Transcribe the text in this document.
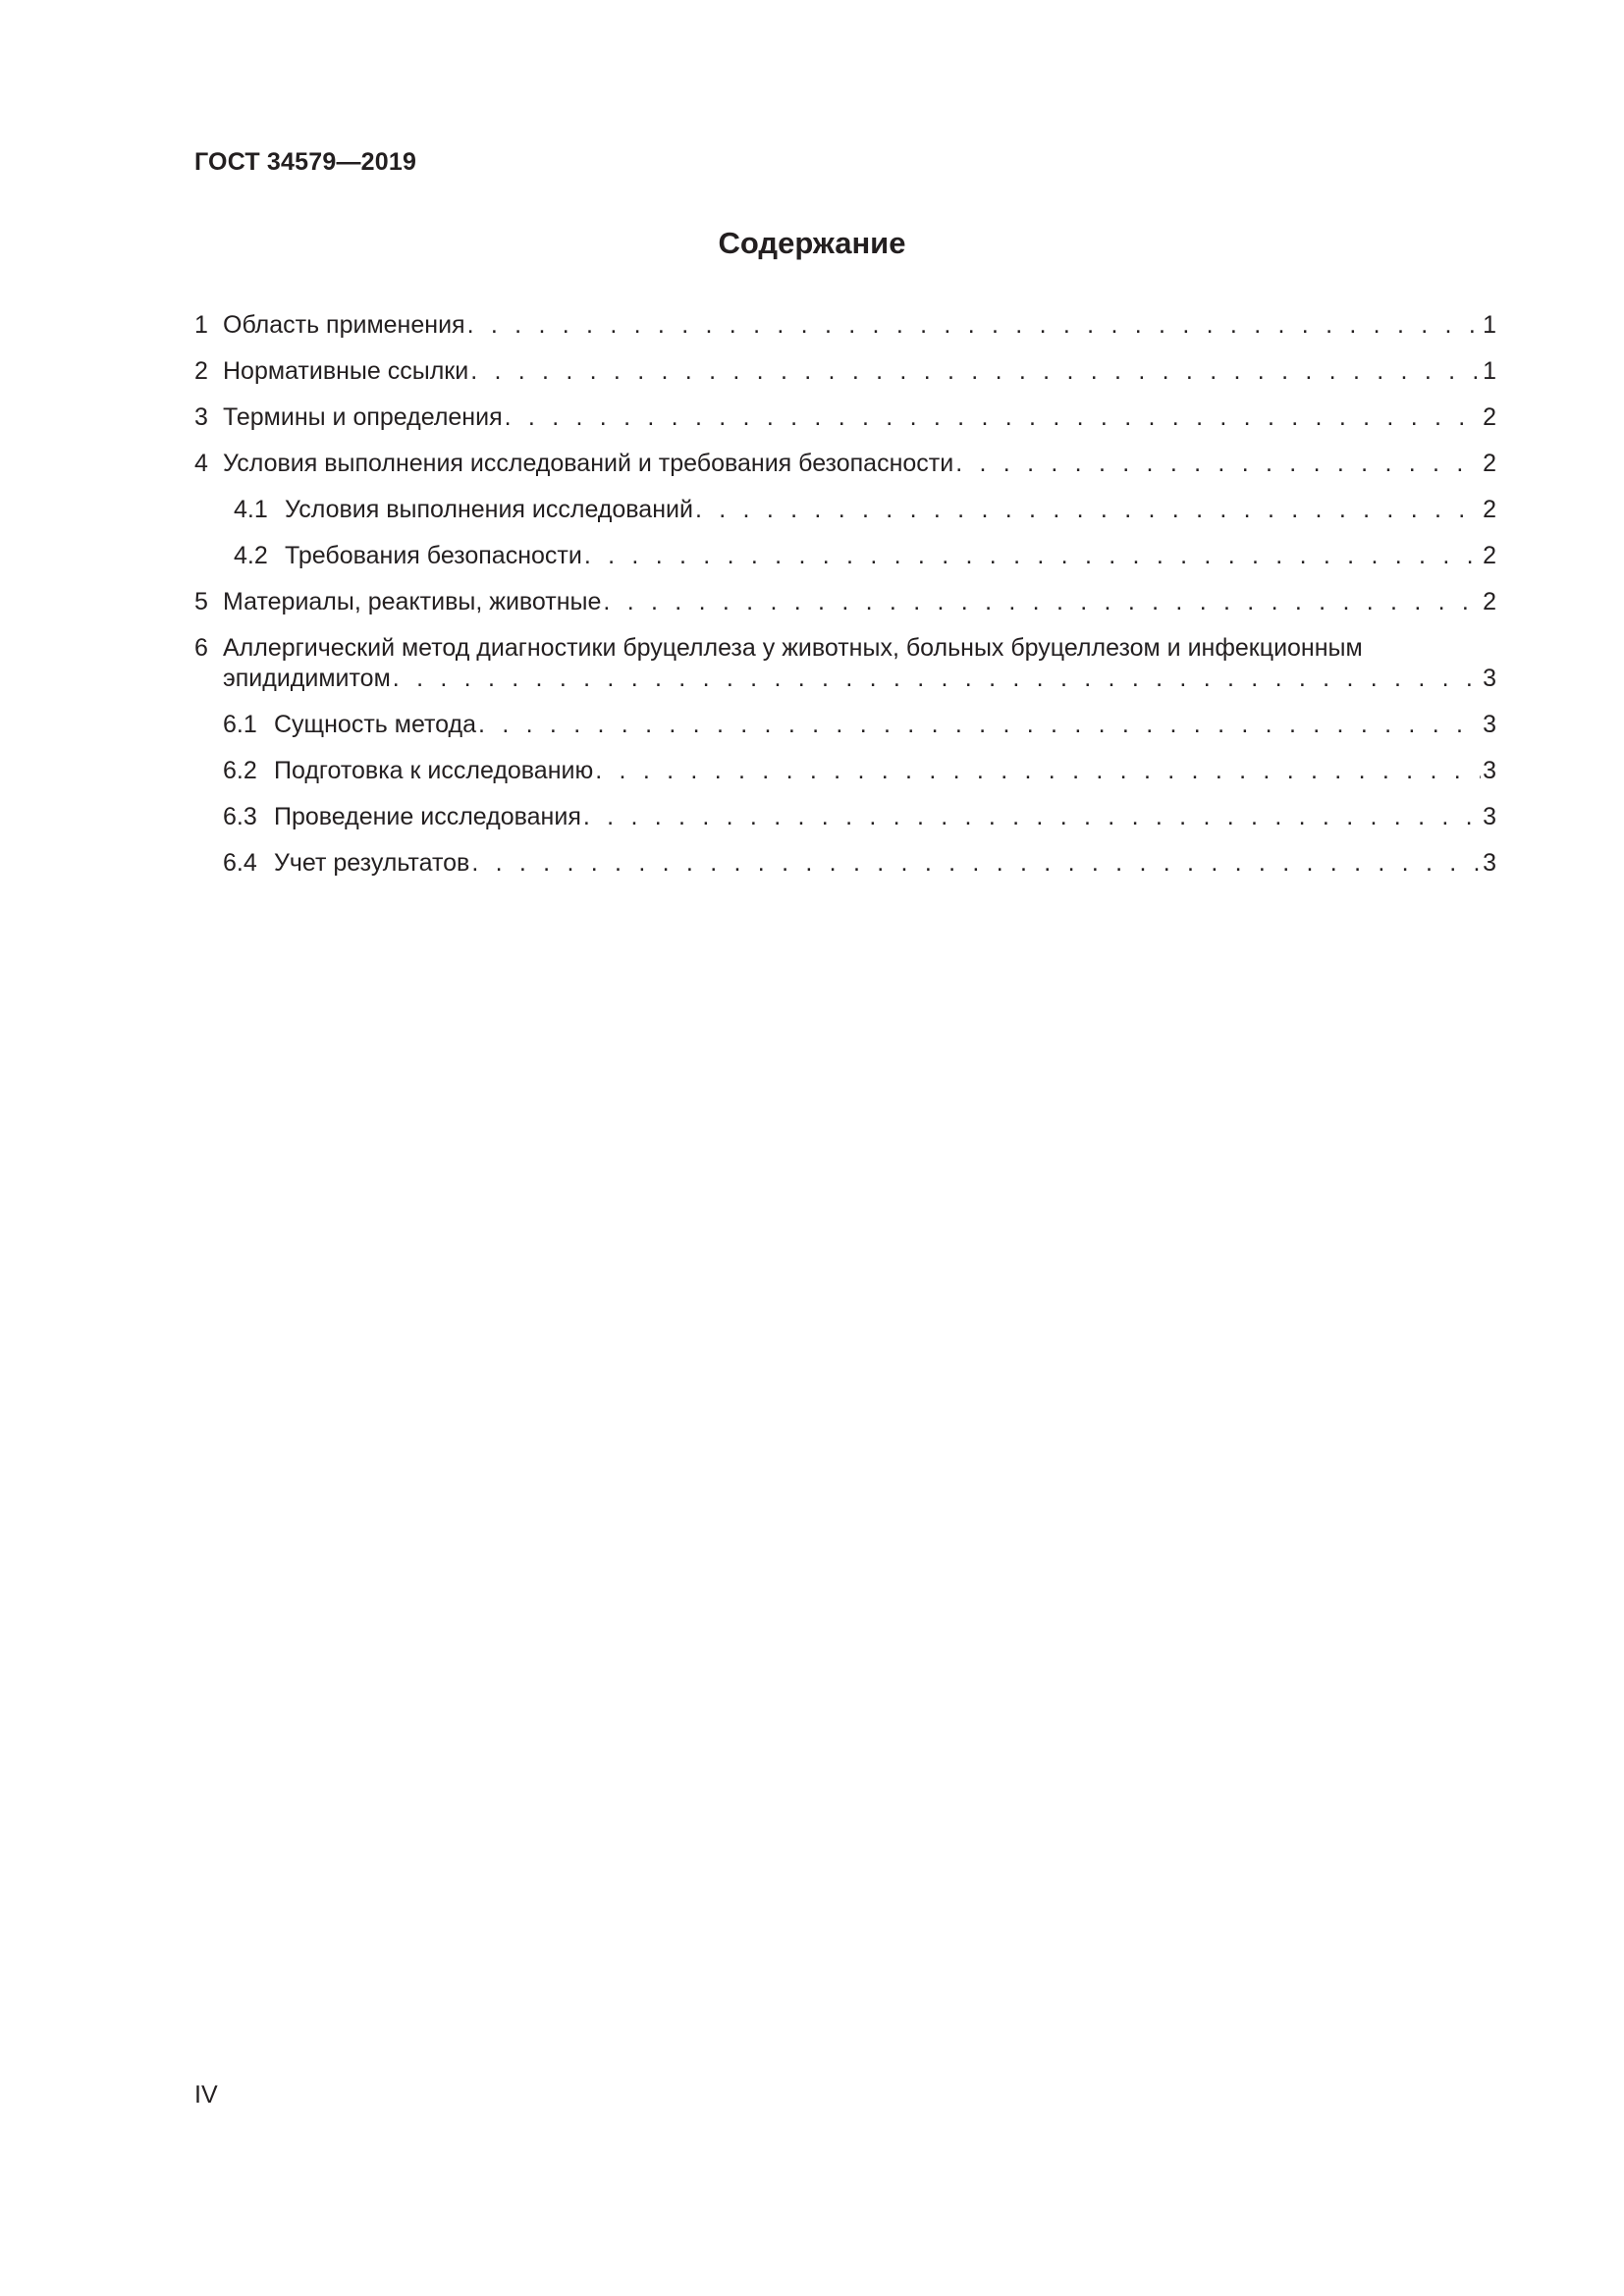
ГОСТ 34579—2019
Содержание
1 Область применения . . .	1
2 Нормативные ссылки . . .	1
3 Термины и определения . . .	2
4 Условия выполнения исследований и требования безопасности . . .	2
4.1 Условия выполнения исследований . . .	2
4.2 Требования безопасности . . .	2
5 Материалы, реактивы, животные . . .	2
6 Аллергический метод диагностики бруцеллеза у животных, больных бруцеллезом и инфекционным
эпидидимитом . . .	3
6.1 Сущность метода . . .	3
6.2 Подготовка к исследованию . . .	3
6.3 Проведение исследования . . .	3
6.4 Учет результатов . . .	3
IV
